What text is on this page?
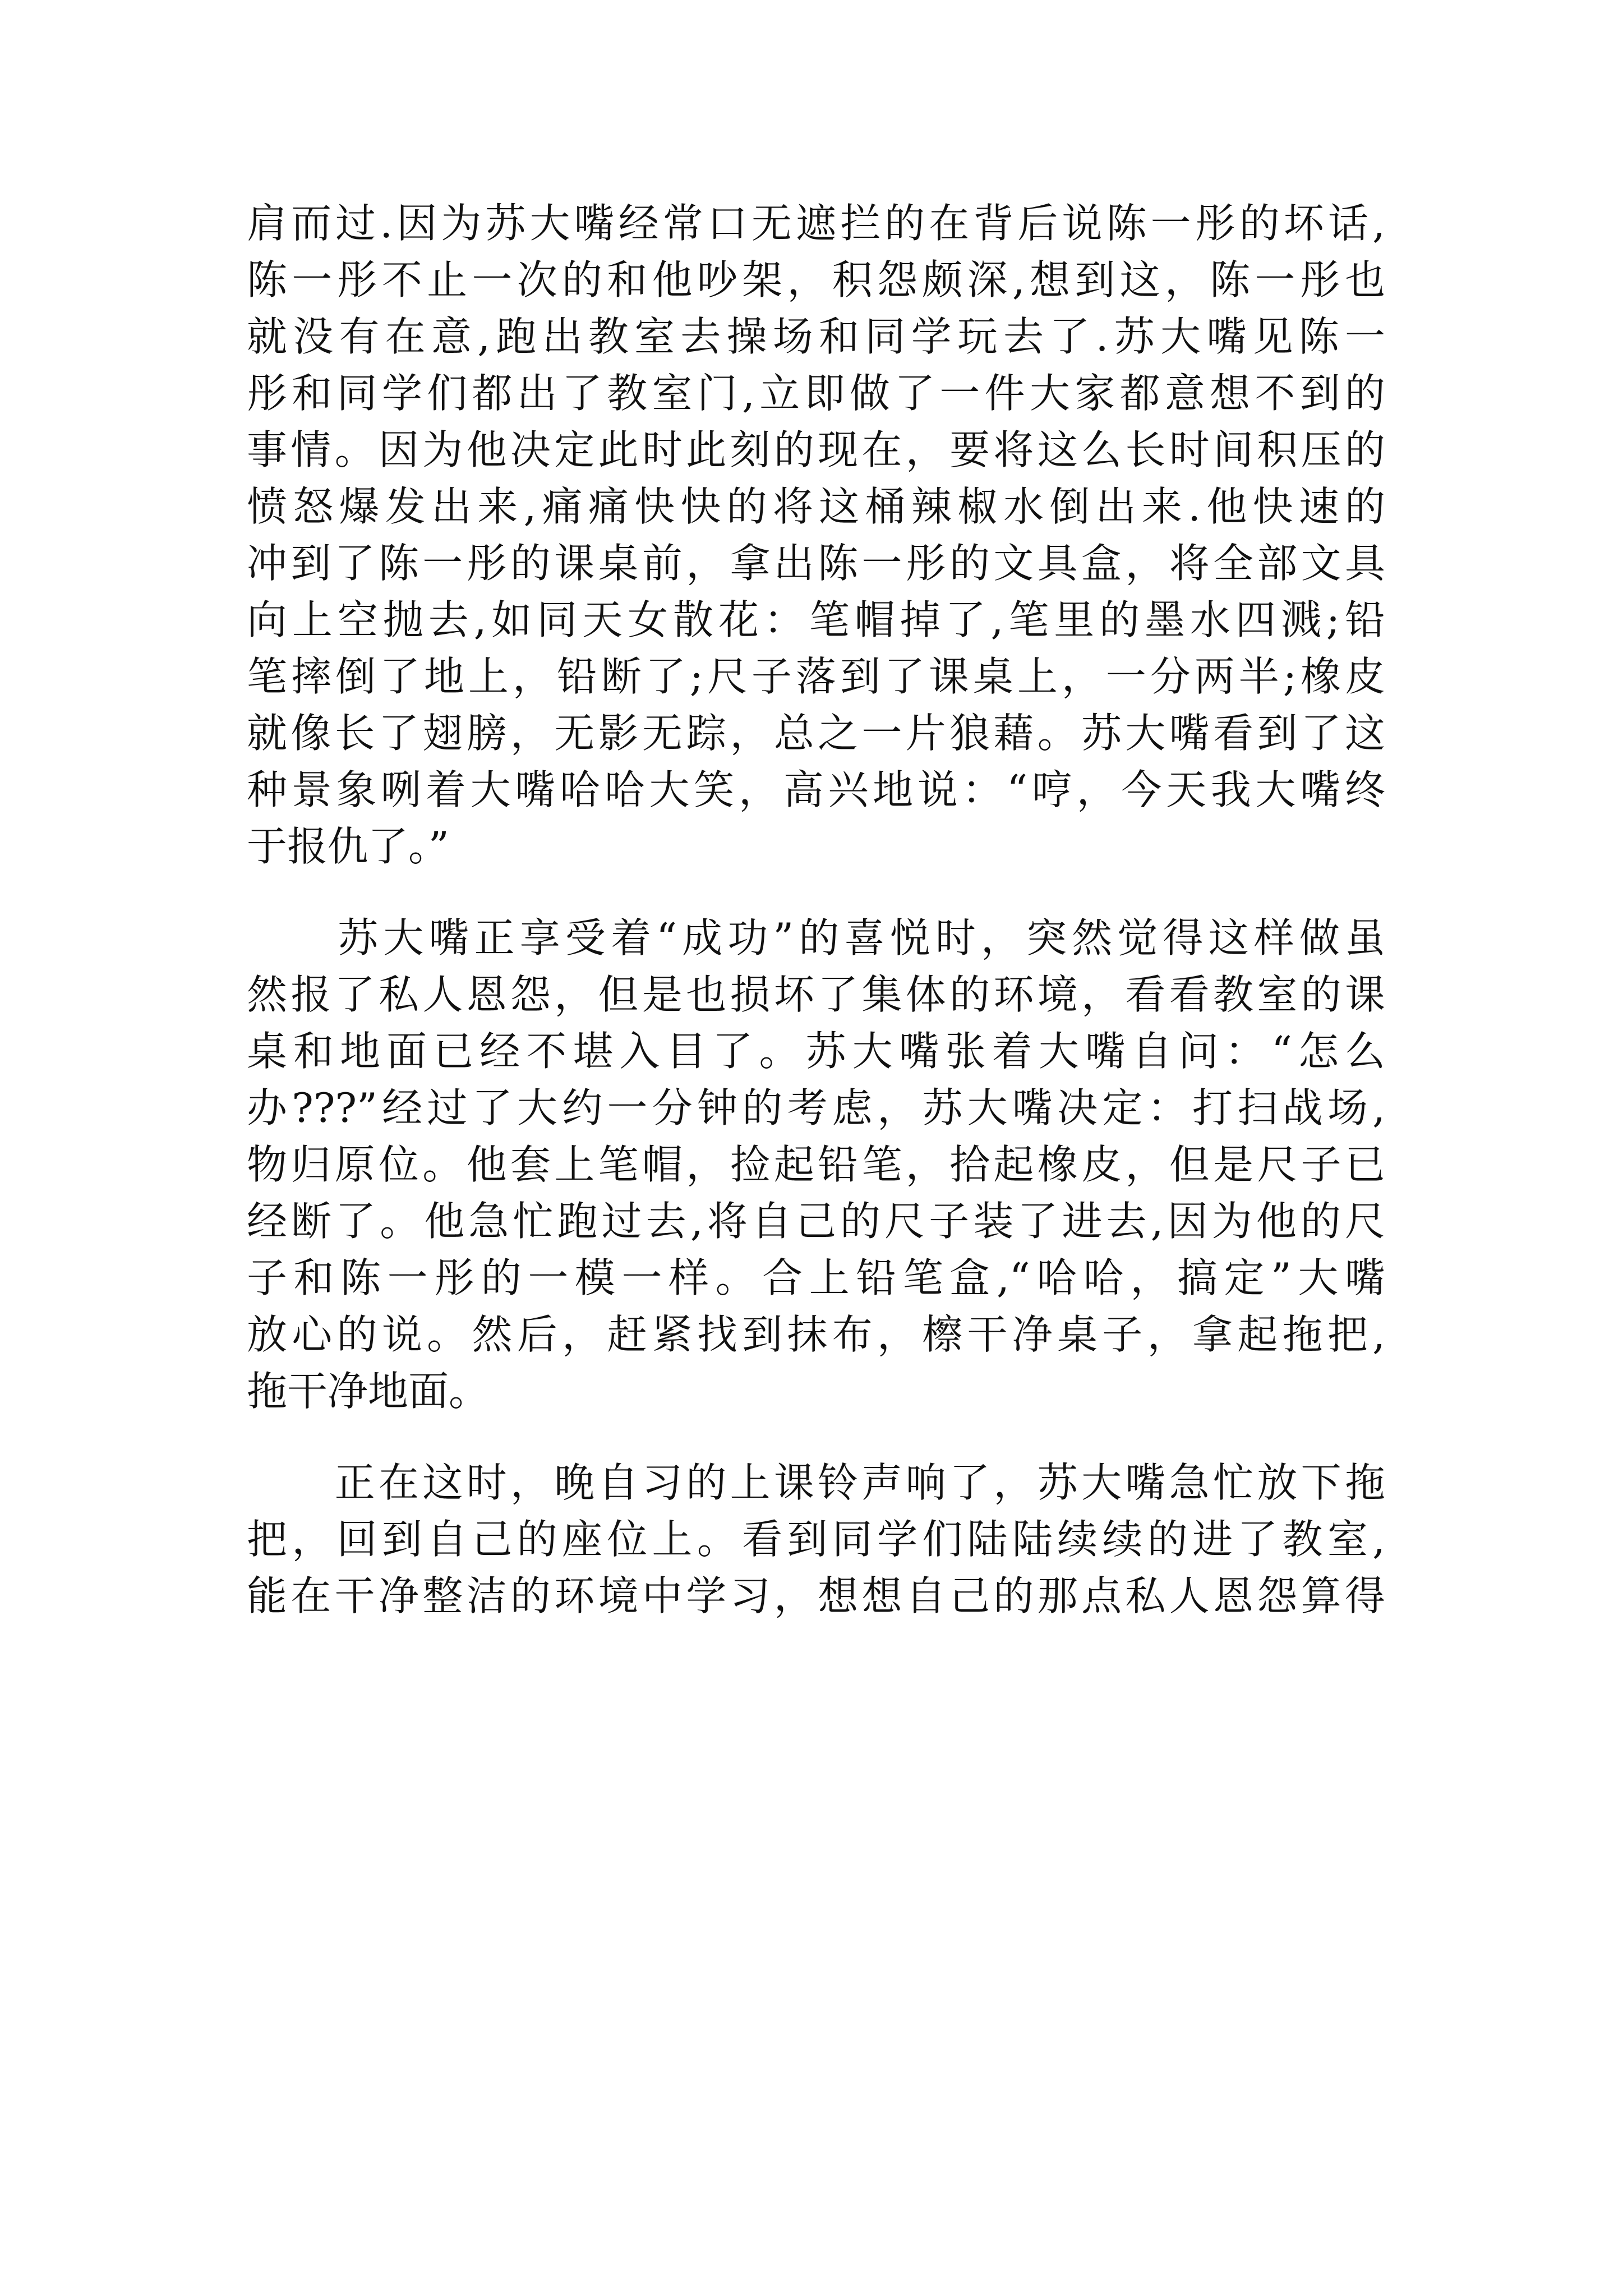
肩而过.因为苏大嘴经常口无遮拦的在背后说陈一彤的坏话,
陈一彤不止一次的和他吵架，积怨颇深,想到这，陈一彤也
就没有在意,跑出教室去操场和同学玩去了.苏大嘴见陈一
彤和同学们都出了教室门,立即做了一件大家都意想不到的
事情。因为他决定此时此刻的现在，要将这么长时间积压的
愤怒爆发出来,痛痛快快的将这桶辣椒水倒出来.他快速的
冲到了陈一彤的课桌前，拿出陈一彤的文具盒，将全部文具
向上空抛去,如同天女散花：笔帽掉了,笔里的墨水四溅;铅
笔摔倒了地上，铅断了;尺子落到了课桌上，一分两半;橡皮
就像长了翅膀，无影无踪，总之一片狼藉。苏大嘴看到了这
种景象咧着大嘴哈哈大笑，高兴地说：“哼，今天我大嘴终
于报仇了。”
　　苏大嘴正享受着“成功”的喜悦时，突然觉得这样做虽
然报了私人恩怨，但是也损坏了集体的环境，看看教室的课
桌和地面已经不堪入目了。苏大嘴张着大嘴自问：“怎么
办???”经过了大约一分钟的考虑，苏大嘴决定：打扫战场,
物归原位。他套上笔帽，捡起铅笔，拾起橡皮，但是尺子已
经断了。他急忙跑过去,将自己的尺子装了进去,因为他的尺
子和陈一彤的一模一样。合上铅笔盒,“哈哈，搞定”大嘴
放心的说。然后，赶紧找到抹布，檫干净桌子，拿起拖把,
拖干净地面。
　　正在这时，晚自习的上课铃声响了，苏大嘴急忙放下拖
把，回到自己的座位上。看到同学们陆陆续续的进了教室,
能在干净整洁的环境中学习，想想自己的那点私人恩怨算得
